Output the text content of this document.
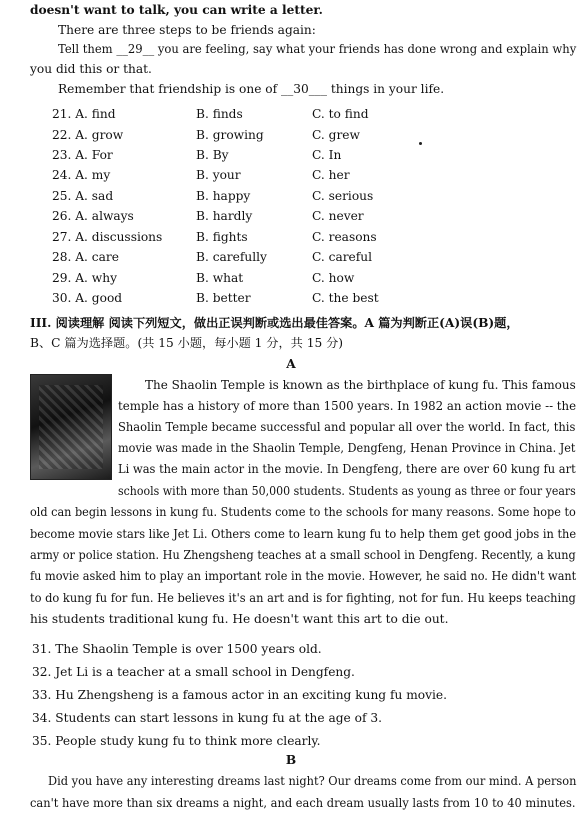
doesn't want to talk, you can write a letter.
There are three steps to be friends again:
Tell them __29__ you are feeling, say what your friends has done wrong and explain why
you did this or that.
Remember that friendship is one of __30___ things in your life.
21. A. find	B. finds	C. to find
22. A. grow	B. growing	C. grew
23. A. For	B. By	C. In
24. A. my	B. your	C. her
25. A. sad	B. happy	C. serious
26. A. always	B. hardly	C. never
27. A. discussions	B. fights	C. reasons
28. A. care	B. carefully	C. careful
29. A. why	B. what	C. how
30. A. good	B. better	C. the best
III. 阅读理解 阅读下列短文，做出正误判断或选出最佳答案。A 篇为判断正(A)误(B)题，
B、C 篇为选择题。(共 15 小题，每小题 1 分，共 15 分)
A
The Shaolin Temple is known as the birthplace of kung fu. This famous
temple has a history of more than 1500 years. In 1982 an action movie -- the
Shaolin Temple became successful and popular all over the world. In fact, this
movie was made in the Shaolin Temple, Dengfeng, Henan Province in China. Jet
Li was the main actor in the movie. In Dengfeng, there are over 60 kung fu art
schools with more than 50,000 students. Students as young as three or four years
old can begin lessons in kung fu. Students come to the schools for many reasons. Some hope to
become movie stars like Jet Li. Others come to learn kung fu to help them get good jobs in the
army or police station. Hu Zhengsheng teaches at a small school in Dengfeng. Recently, a kung
fu movie asked him to play an important role in the movie. However, he said no. He didn't want
to do kung fu for fun. He believes it's an art and is for fighting, not for fun. Hu keeps teaching
his students traditional kung fu. He doesn't want this art to die out.
31. The Shaolin Temple is over 1500 years old.
32. Jet Li is a teacher at a small school in Dengfeng.
33. Hu Zhengsheng is a famous actor in an exciting kung fu movie.
34. Students can start lessons in kung fu at the age of 3.
35. People study kung fu to think more clearly.
B
Did you have any interesting dreams last night? Our dreams come from our mind. A person
can't have more than six dreams a night, and each dream usually lasts from 10 to 40 minutes.
